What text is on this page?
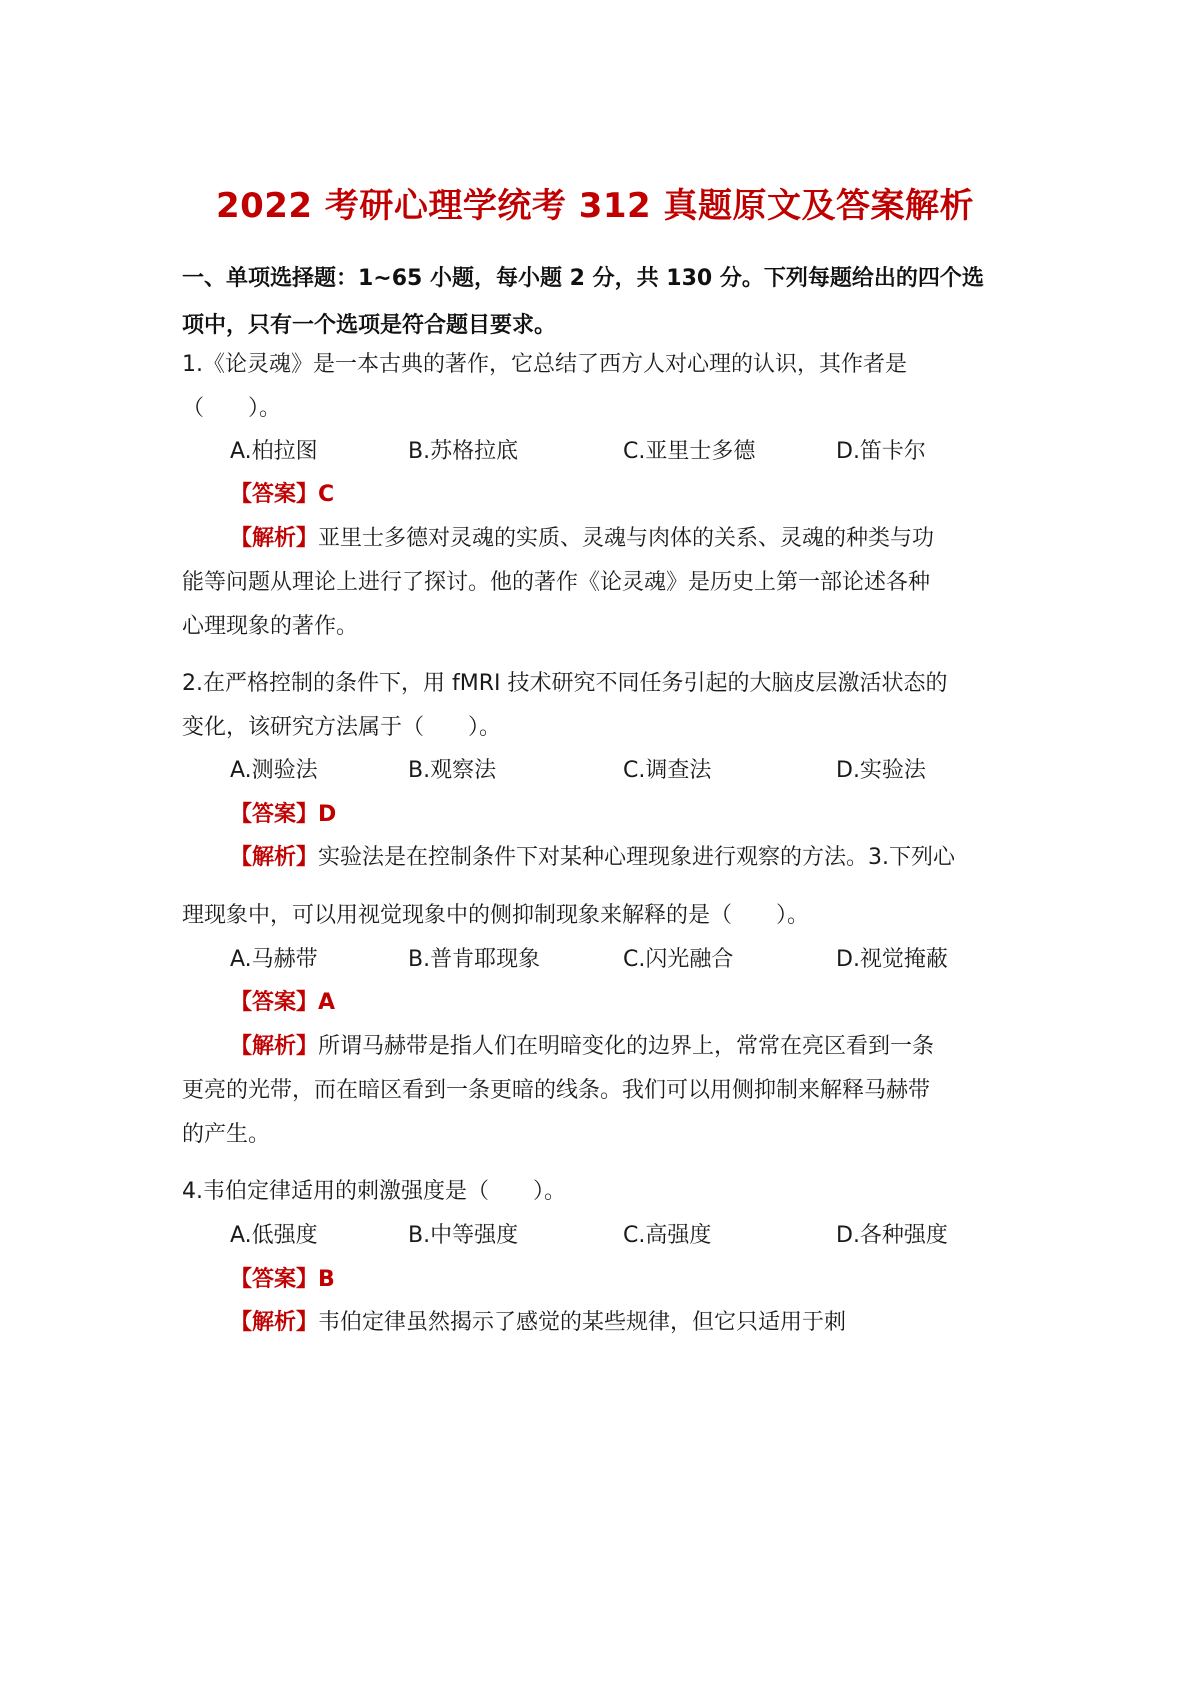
2022 考研心理学统考 312 真题原文及答案解析
一、单项选择题：1~65 小题，每小题 2 分，共 130 分。下列每题给出的四个选
项中，只有一个选项是符合题目要求。
1.《论灵魂》是一本古典的著作，它总结了西方人对心理的认识，其作者是
（　　）。
A.柏拉图	B.苏格拉底	C.亚里士多德	D.笛卡尔
【答案】C
【解析】亚里士多德对灵魂的实质、灵魂与肉体的关系、灵魂的种类与功
能等问题从理论上进行了探讨。他的著作《论灵魂》是历史上第一部论述各种
心理现象的著作。
2.在严格控制的条件下，用 fMRI 技术研究不同任务引起的大脑皮层激活状态的
变化，该研究方法属于（　　）。
A.测验法	B.观察法	C.调查法	D.实验法
【答案】D
【解析】实验法是在控制条件下对某种心理现象进行观察的方法。3.下列心
理现象中，可以用视觉现象中的侧抑制现象来解释的是（　　）。
A.马赫带	B.普肯耶现象	C.闪光融合	D.视觉掩蔽
【答案】A
【解析】所谓马赫带是指人们在明暗变化的边界上，常常在亮区看到一条
更亮的光带，而在暗区看到一条更暗的线条。我们可以用侧抑制来解释马赫带
的产生。
4.韦伯定律适用的刺激强度是（　　）。
A.低强度	B.中等强度	C.高强度	D.各种强度
【答案】B
【解析】韦伯定律虽然揭示了感觉的某些规律，但它只适用于刺
